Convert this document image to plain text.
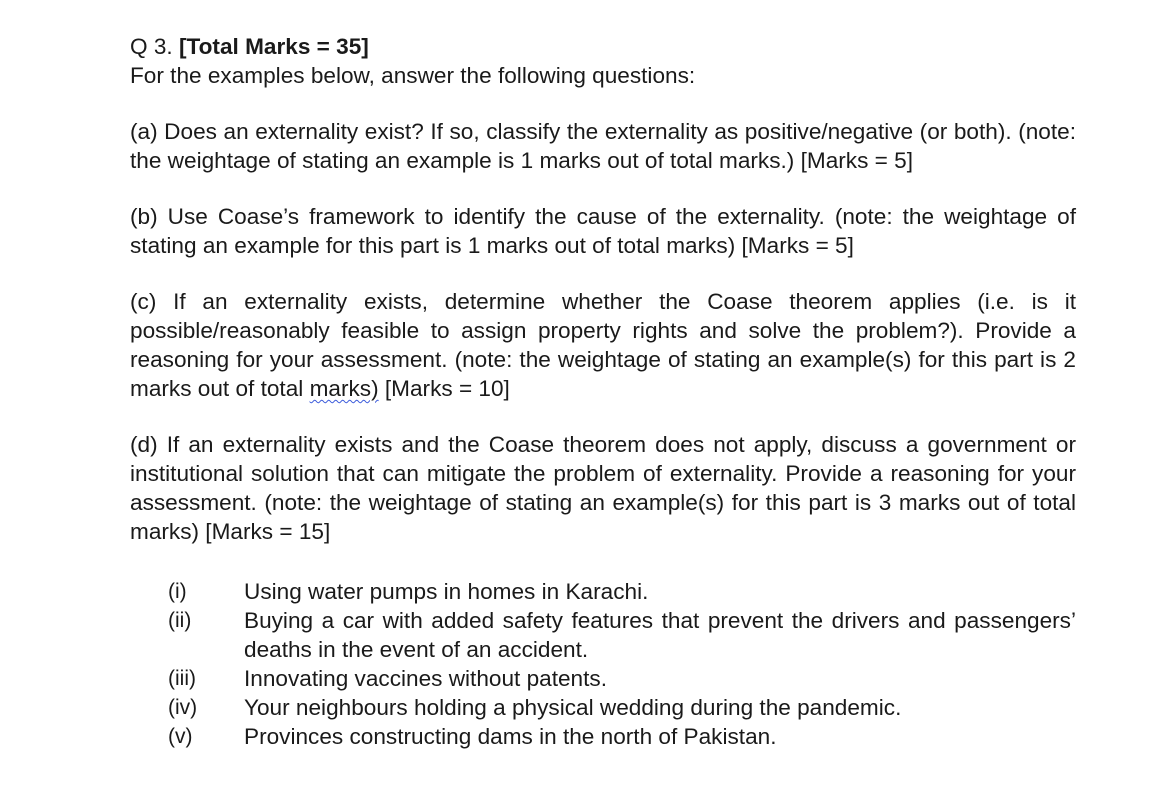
Q 3. [Total Marks = 35]

For the examples below, answer the following questions:

(a) Does an externality exist? If so, classify the externality as positive/negative (or both). (note: the weightage of stating an example is 1 marks out of total marks.) [Marks = 5]

(b) Use Coase’s framework to identify the cause of the externality. (note: the weightage of stating an example for this part is 1 marks out of total marks) [Marks = 5]

(c) If an externality exists, determine whether the Coase theorem applies (i.e. is it possible/reasonably feasible to assign property rights and solve the problem?). Provide a reasoning for your assessment. (note: the weightage of stating an example(s) for this part is 2 marks out of total marks) [Marks = 10]

(d) If an externality exists and the Coase theorem does not apply, discuss a government or institutional solution that can mitigate the problem of externality. Provide a reasoning for your assessment. (note: the weightage of stating an example(s) for this part is 3 marks out of total marks) [Marks = 15]

(i)	Using water pumps in homes in Karachi.
(ii)	Buying a car with added safety features that prevent the drivers and passengers’ deaths in the event of an accident.
(iii)	Innovating vaccines without patents.
(iv)	Your neighbours holding a physical wedding during the pandemic.
(v)	Provinces constructing dams in the north of Pakistan.
